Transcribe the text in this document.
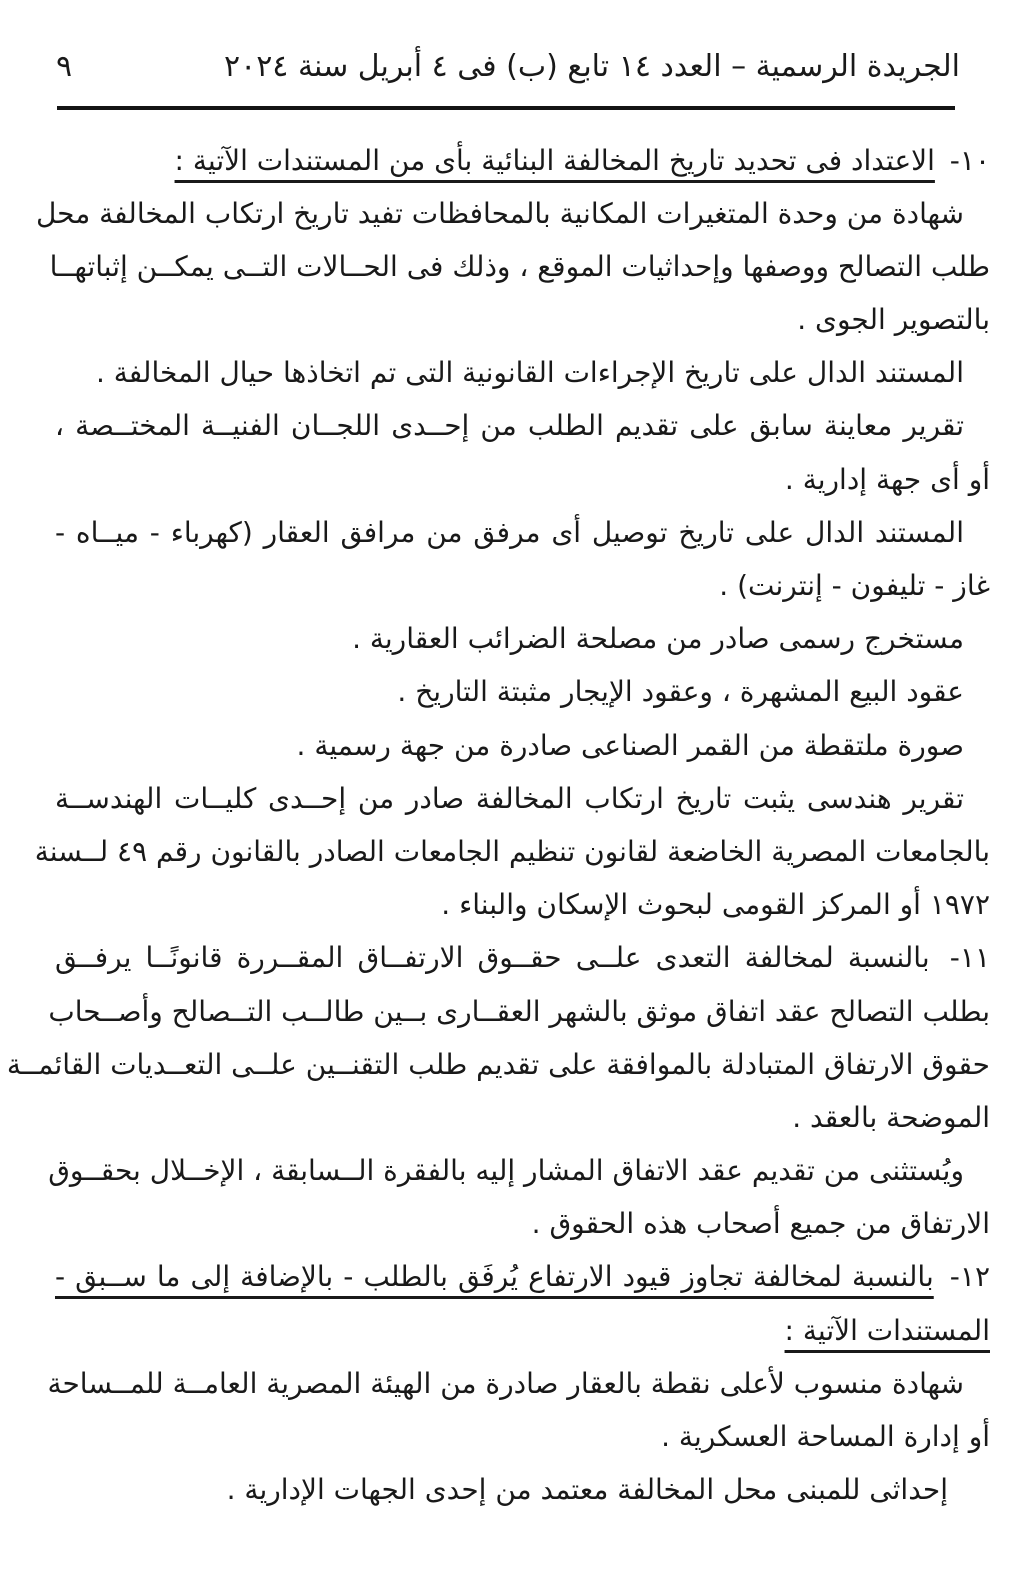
الجريدة الرسمية – العدد ١٤ تابع (ب) فى ٤ أبريل سنة ٢٠٢٤
٩
١٠- الاعتداد فى تحديد تاريخ المخالفة البنائية بأى من المستندات الآتية :
شهادة من وحدة المتغيرات المكانية بالمحافظات تفيد تاريخ ارتكاب المخالفة محل
طلب التصالح ووصفها وإحداثيات الموقع ، وذلك فى الحــالات التــى يمكــن إثباتهــا
بالتصوير الجوى .
المستند الدال على تاريخ الإجراءات القانونية التى تم اتخاذها حيال المخالفة .
تقرير معاينة سابق على تقديم الطلب من إحــدى اللجــان الفنيــة المختــصة ،
أو أى جهة إدارية .
المستند الدال على تاريخ توصيل أى مرفق من مرافق العقار (كهرباء - ميــاه -
غاز - تليفون - إنترنت) .
مستخرج رسمى صادر من مصلحة الضرائب العقارية .
عقود البيع المشهرة ، وعقود الإيجار مثبتة التاريخ .
صورة ملتقطة من القمر الصناعى صادرة من جهة رسمية .
تقرير هندسى يثبت تاريخ ارتكاب المخالفة صادر من إحــدى كليــات الهندســة
بالجامعات المصرية الخاضعة لقانون تنظيم الجامعات الصادر بالقانون رقم ٤٩ لــسنة
١٩٧٢ أو المركز القومى لبحوث الإسكان والبناء .
١١- بالنسبة لمخالفة التعدى علــى حقــوق الارتفــاق المقــررة قانونًــا يرفــق
بطلب التصالح عقد اتفاق موثق بالشهر العقــارى بــين طالــب التــصالح وأصــحاب
حقوق الارتفاق المتبادلة بالموافقة على تقديم طلب التقنــين علــى التعــديات القائمــة
الموضحة بالعقد .
ويُستثنى من تقديم عقد الاتفاق المشار إليه بالفقرة الــسابقة ، الإخــلال بحقــوق
الارتفاق من جميع أصحاب هذه الحقوق .
١٢- بالنسبة لمخالفة تجاوز قيود الارتفاع يُرفَق بالطلب - بالإضافة إلى ما ســبق -
المستندات الآتية :
شهادة منسوب لأعلى نقطة بالعقار صادرة من الهيئة المصرية العامــة للمــساحة
أو إدارة المساحة العسكرية .
إحداثى للمبنى محل المخالفة معتمد من إحدى الجهات الإدارية .
